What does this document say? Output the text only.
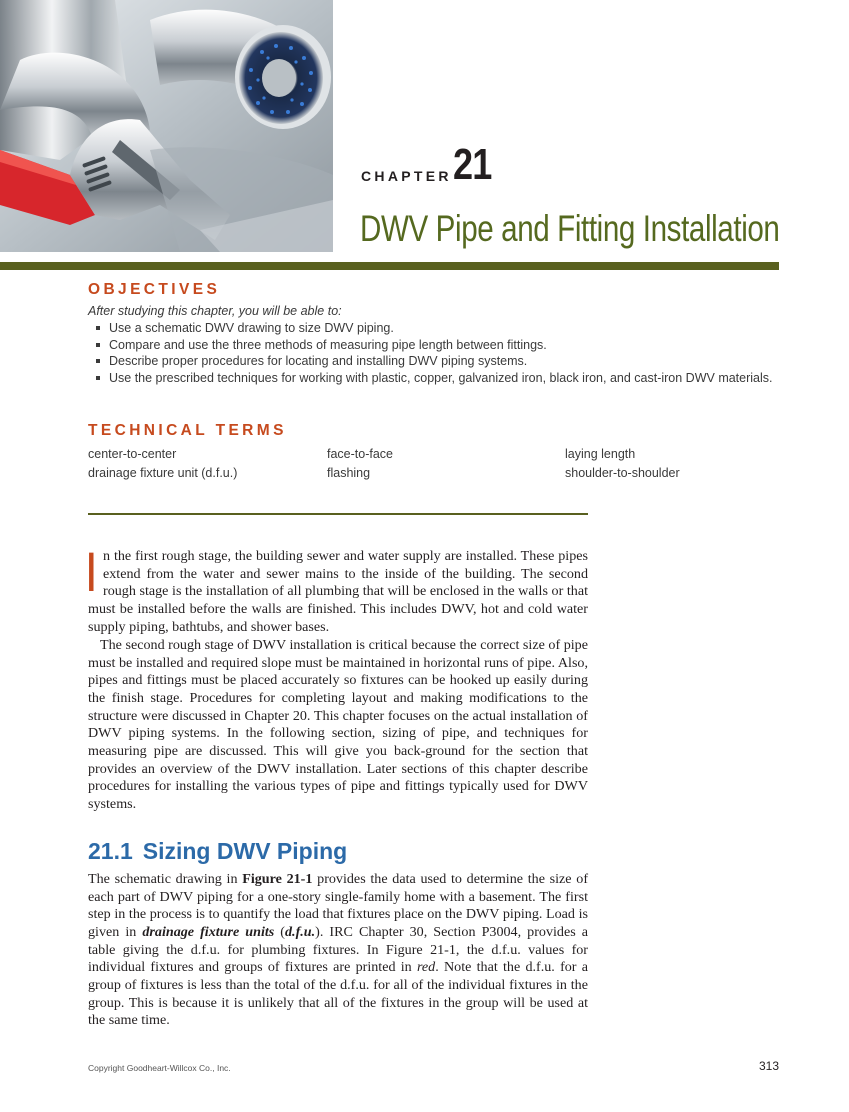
CHAPTER 21
DWV Pipe and Fitting Installation
OBJECTIVES
After studying this chapter, you will be able to:
Use a schematic DWV drawing to size DWV piping.
Compare and use the three methods of measuring pipe length between fittings.
Describe proper procedures for locating and installing DWV piping systems.
Use the prescribed techniques for working with plastic, copper, galvanized iron, black iron, and cast-iron DWV materials.
TECHNICAL TERMS
center-to-center
drainage fixture unit (d.f.u.)
face-to-face
flashing
laying length
shoulder-to-shoulder
In the first rough stage, the building sewer and water supply are installed. These pipes extend from the water and sewer mains to the inside of the building. The second rough stage is the installation of all plumbing that will be enclosed in the walls or that must be installed before the walls are finished. This includes DWV, hot and cold water supply piping, bathtubs, and shower bases.
The second rough stage of DWV installation is critical because the correct size of pipe must be installed and required slope must be maintained in horizontal runs of pipe. Also, pipes and fittings must be placed accurately so fixtures can be hooked up easily during the finish stage. Procedures for completing layout and making modifications to the structure were discussed in Chapter 20. This chapter focuses on the actual installation of DWV piping systems. In the following section, sizing of pipe, and techniques for measuring pipe are discussed. This will give you back-ground for the section that provides an overview of the DWV installation. Later sections of this chapter describe procedures for installing the various types of pipe and fittings typically used for DWV systems.
21.1 Sizing DWV Piping
The schematic drawing in Figure 21-1 provides the data used to determine the size of each part of DWV piping for a one-story single-family home with a basement. The first step in the process is to quantify the load that fixtures place on the DWV piping. Load is given in drainage fixture units (d.f.u.). IRC Chapter 30, Section P3004, provides a table giving the d.f.u. for plumbing fixtures. In Figure 21-1, the d.f.u. values for individual fixtures and groups of fixtures are printed in red. Note that the d.f.u. for a group of fixtures is less than the total of the d.f.u. for all of the individual fixtures in the group. This is because it is unlikely that all of the fixtures in the group will be used at the same time.
Copyright Goodheart-Willcox Co., Inc.	313
